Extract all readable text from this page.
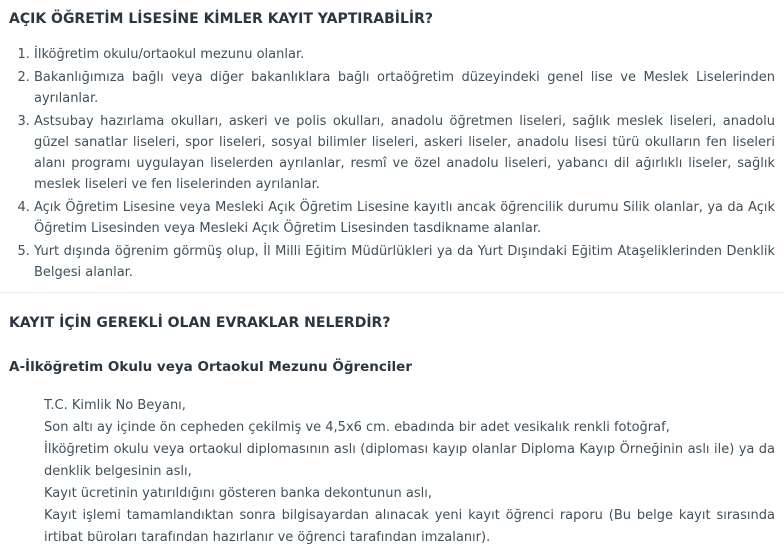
AÇIK ÖĞRETİM LİSESİNE KİMLER KAYIT YAPTIRABİLİR?
1. İlköğretim okulu/ortaokul mezunu olanlar.
2. Bakanlığımıza bağlı veya diğer bakanlıklara bağlı ortaöğretim düzeyindeki genel lise ve Meslek Liselerinden ayrılanlar.
3. Astsubay hazırlama okulları, askeri ve polis okulları, anadolu öğretmen liseleri, sağlık meslek liseleri, anadolu güzel sanatlar liseleri, spor liseleri, sosyal bilimler liseleri, askeri liseler, anadolu lisesi türü okulların fen liseleri alanı programı uygulayan liselerden ayrılanlar, resmî ve özel anadolu liseleri, yabancı dil ağırlıklı liseler, sağlık meslek liseleri ve fen liselerinden ayrılanlar.
4. Açık Öğretim Lisesine veya Mesleki Açık Öğretim Lisesine kayıtlı ancak öğrencilik durumu Silik olanlar, ya da Açık Öğretim Lisesinden veya Mesleki Açık Öğretim Lisesinden tasdikname alanlar.
5. Yurt dışında öğrenim görmüş olup, İl Milli Eğitim Müdürlükleri ya da Yurt Dışındaki Eğitim Ataşeliklerinden Denklik Belgesi alanlar.
KAYIT İÇİN GEREKLİ OLAN EVRAKLAR NELERDİR?
A-İlköğretim Okulu veya Ortaokul Mezunu Öğrenciler
T.C. Kimlik No Beyanı,
Son altı ay içinde ön cepheden çekilmiş ve 4,5x6 cm. ebadında bir adet vesikalık renkli fotoğraf,
İlköğretim okulu veya ortaokul diplomasının aslı (diploması kayıp olanlar Diploma Kayıp Örneğinin aslı ile) ya da denklik belgesinin aslı,
Kayıt ücretinin yatırıldığını gösteren banka dekontunun aslı,
Kayıt işlemi tamamlandıktan sonra bilgisayardan alınacak yeni kayıt öğrenci raporu (Bu belge kayıt sırasında irtibat büroları tarafından hazırlanır ve öğrenci tarafından imzalanır).
